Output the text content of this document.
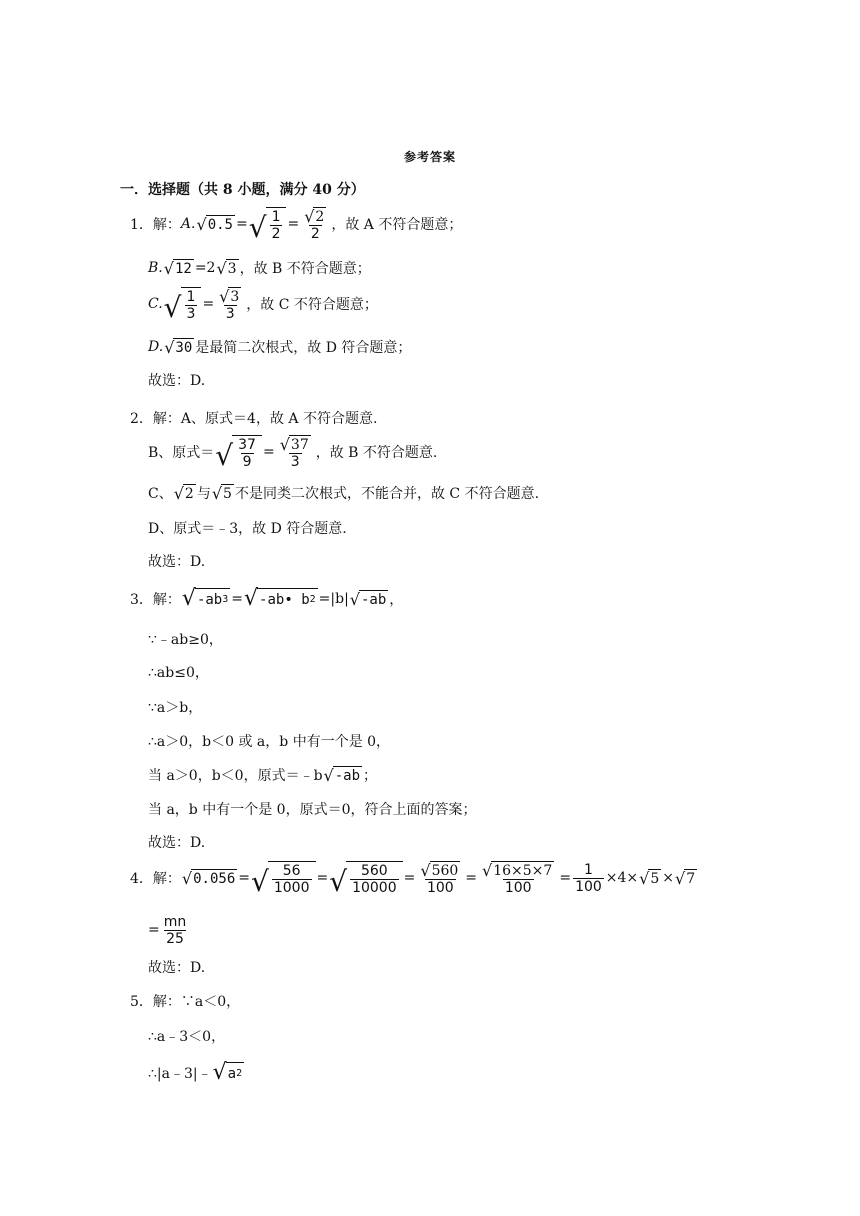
参考答案
一．选择题（共 8 小题，满分 40 分）
1． 解： A. √ 0.5 = √ $\frac{1}{2} = \frac{√ 2}{2}$ ，故 A 不符合题意；
B. √ 12 =2 √ 3 ，故 B 不符合题意；
C. √ $\frac{1}{3} = \frac{√ 3}{3}$ ，故 C 不符合题意；
D. √ 30 是最简二次根式，故 D 符合题意；
故选：D.
2． 解：A、原式＝4，故 A 不符合题意.
B、原式＝ √ $\frac{37}{9} = \frac{√ 37}{3}$ ，故 B 不符合题意.
C、 √ 2 与 √ 5 不是同类二次根式，不能合并，故 C 不符合题意.
D、原式＝﹣3，故 D 符合题意.
故选：D.
3． 解： √ -ab 3 = √ -ab• b 2 =|b| √ -ab ，
∵﹣ab≥0，
∴ab≤0，
∵a＞b，
∴a＞0，b＜0 或 a，b 中有一个是 0，
当 a＞0，b＜0，原式＝﹣b √ -ab ；
当 a，b 中有一个是 0，原式＝0，符合上面的答案；
故选：D.
4． 解： √ 0.056 = √ $\frac{56}{1000}$ = √ $\frac{560}{10000} = \frac{√ 560}{100} = \frac{√ 16\times 5\times 7}{100} = \frac{1}{100} \times 4\times$ √ 5 × √ 7
= $\frac{mn}{25}$
故选：D.
5． 解：∵a＜0，
∴a﹣3＜0，
∴|a﹣3|﹣ √ a 2
